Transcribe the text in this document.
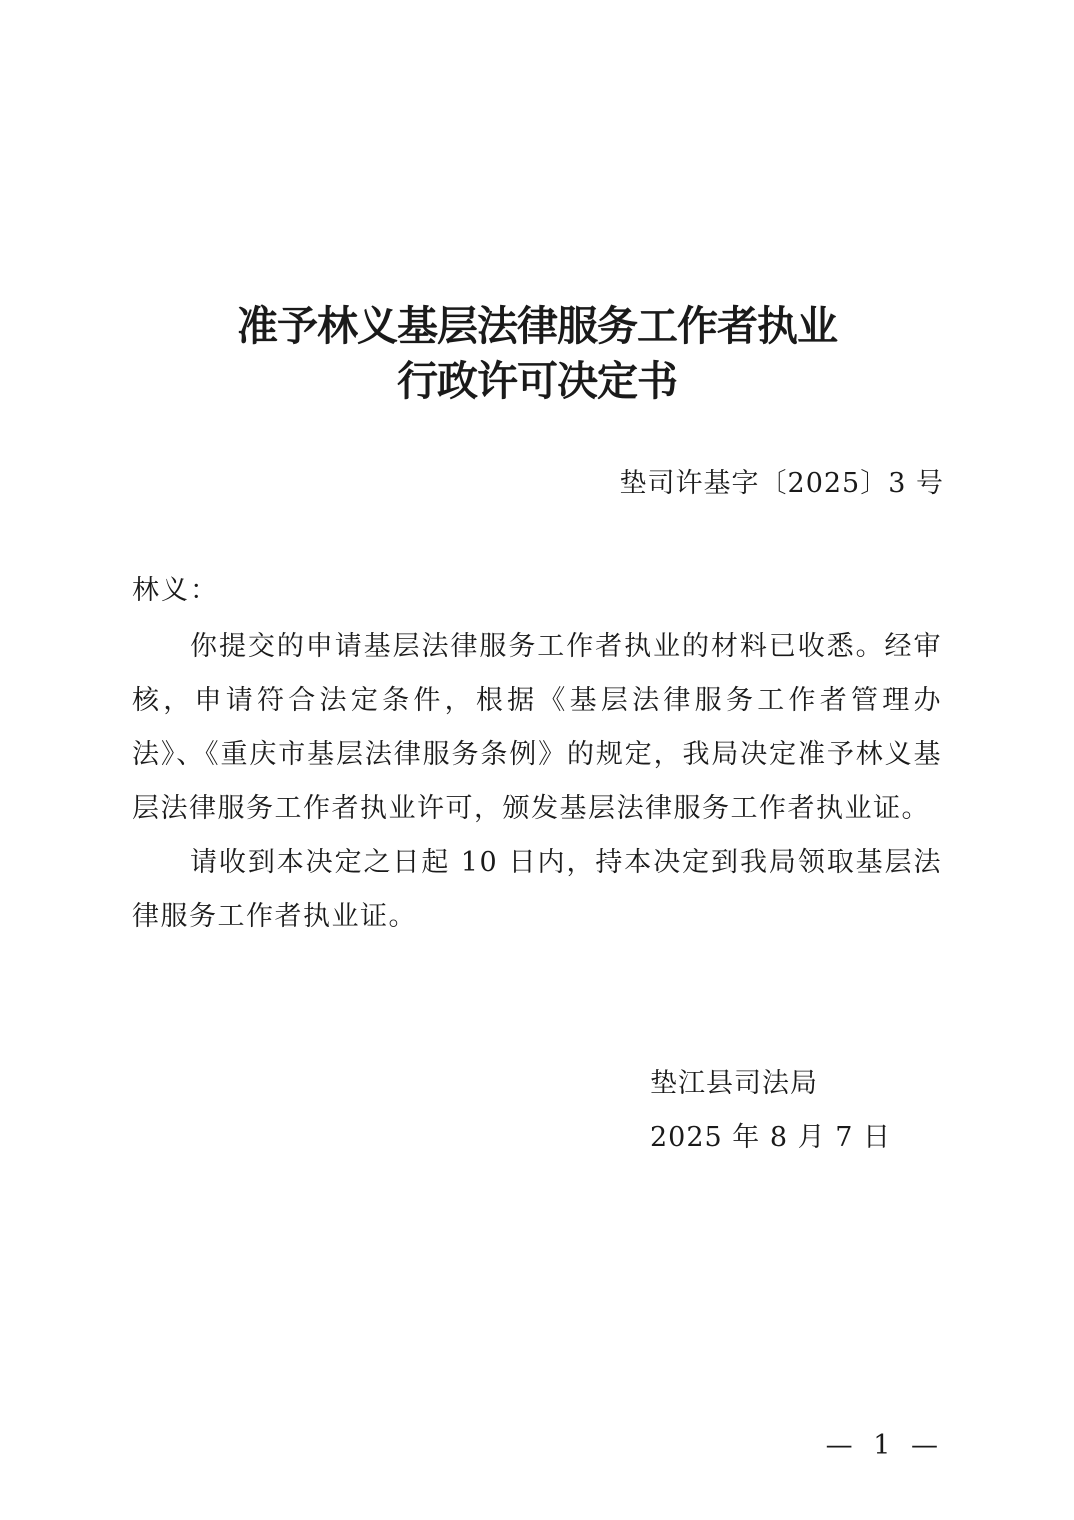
准予林义基层法律服务工作者执业
行政许可决定书
垫司许基字〔2025〕3 号
林义：

你提交的申请基层法律服务工作者执业的材料已收悉。经审核，申请符合法定条件，根据《基层法律服务工作者管理办法》、《重庆市基层法律服务条例》的规定，我局决定准予林义基层法律服务工作者执业许可，颁发基层法律服务工作者执业证。

请收到本决定之日起 10 日内，持本决定到我局领取基层法律服务工作者执业证。

垫江县司法局
2025 年 8 月 7 日
— 1 —
